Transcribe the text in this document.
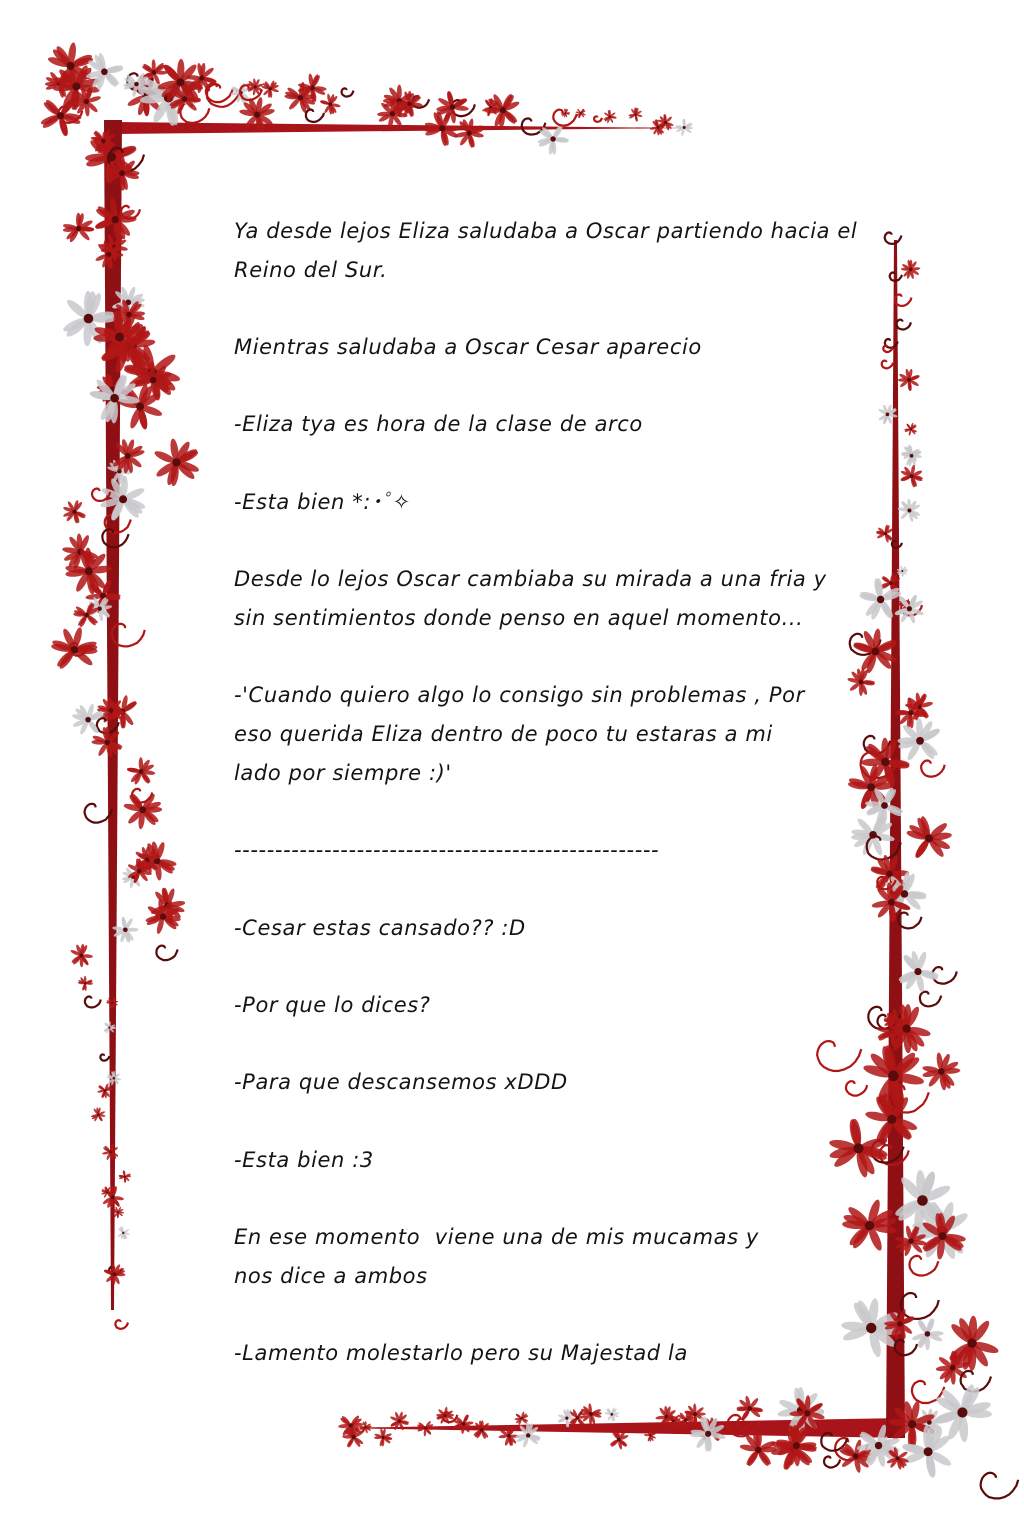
Ya desde lejos Eliza saludaba a Oscar partiendo hacia el
Reino del Sur.

Mientras saludaba a Oscar Cesar aparecio

-Eliza tya es hora de la clase de arco

-Esta bien *:･ﾟ✧

Desde lo lejos Oscar cambiaba su mirada a una fria y
sin sentimientos donde penso en aquel momento...

-'Cuando quiero algo lo consigo sin problemas , Por
eso querida Eliza dentro de poco tu estaras a mi
lado por siempre :)'

----------------------------------------------------

-Cesar estas cansado?? :D

-Por que lo dices?

-Para que descansemos xDDD

-Esta bien :3

En ese momento  viene una de mis mucamas y
nos dice a ambos

-Lamento molestarlo pero su Majestad la
